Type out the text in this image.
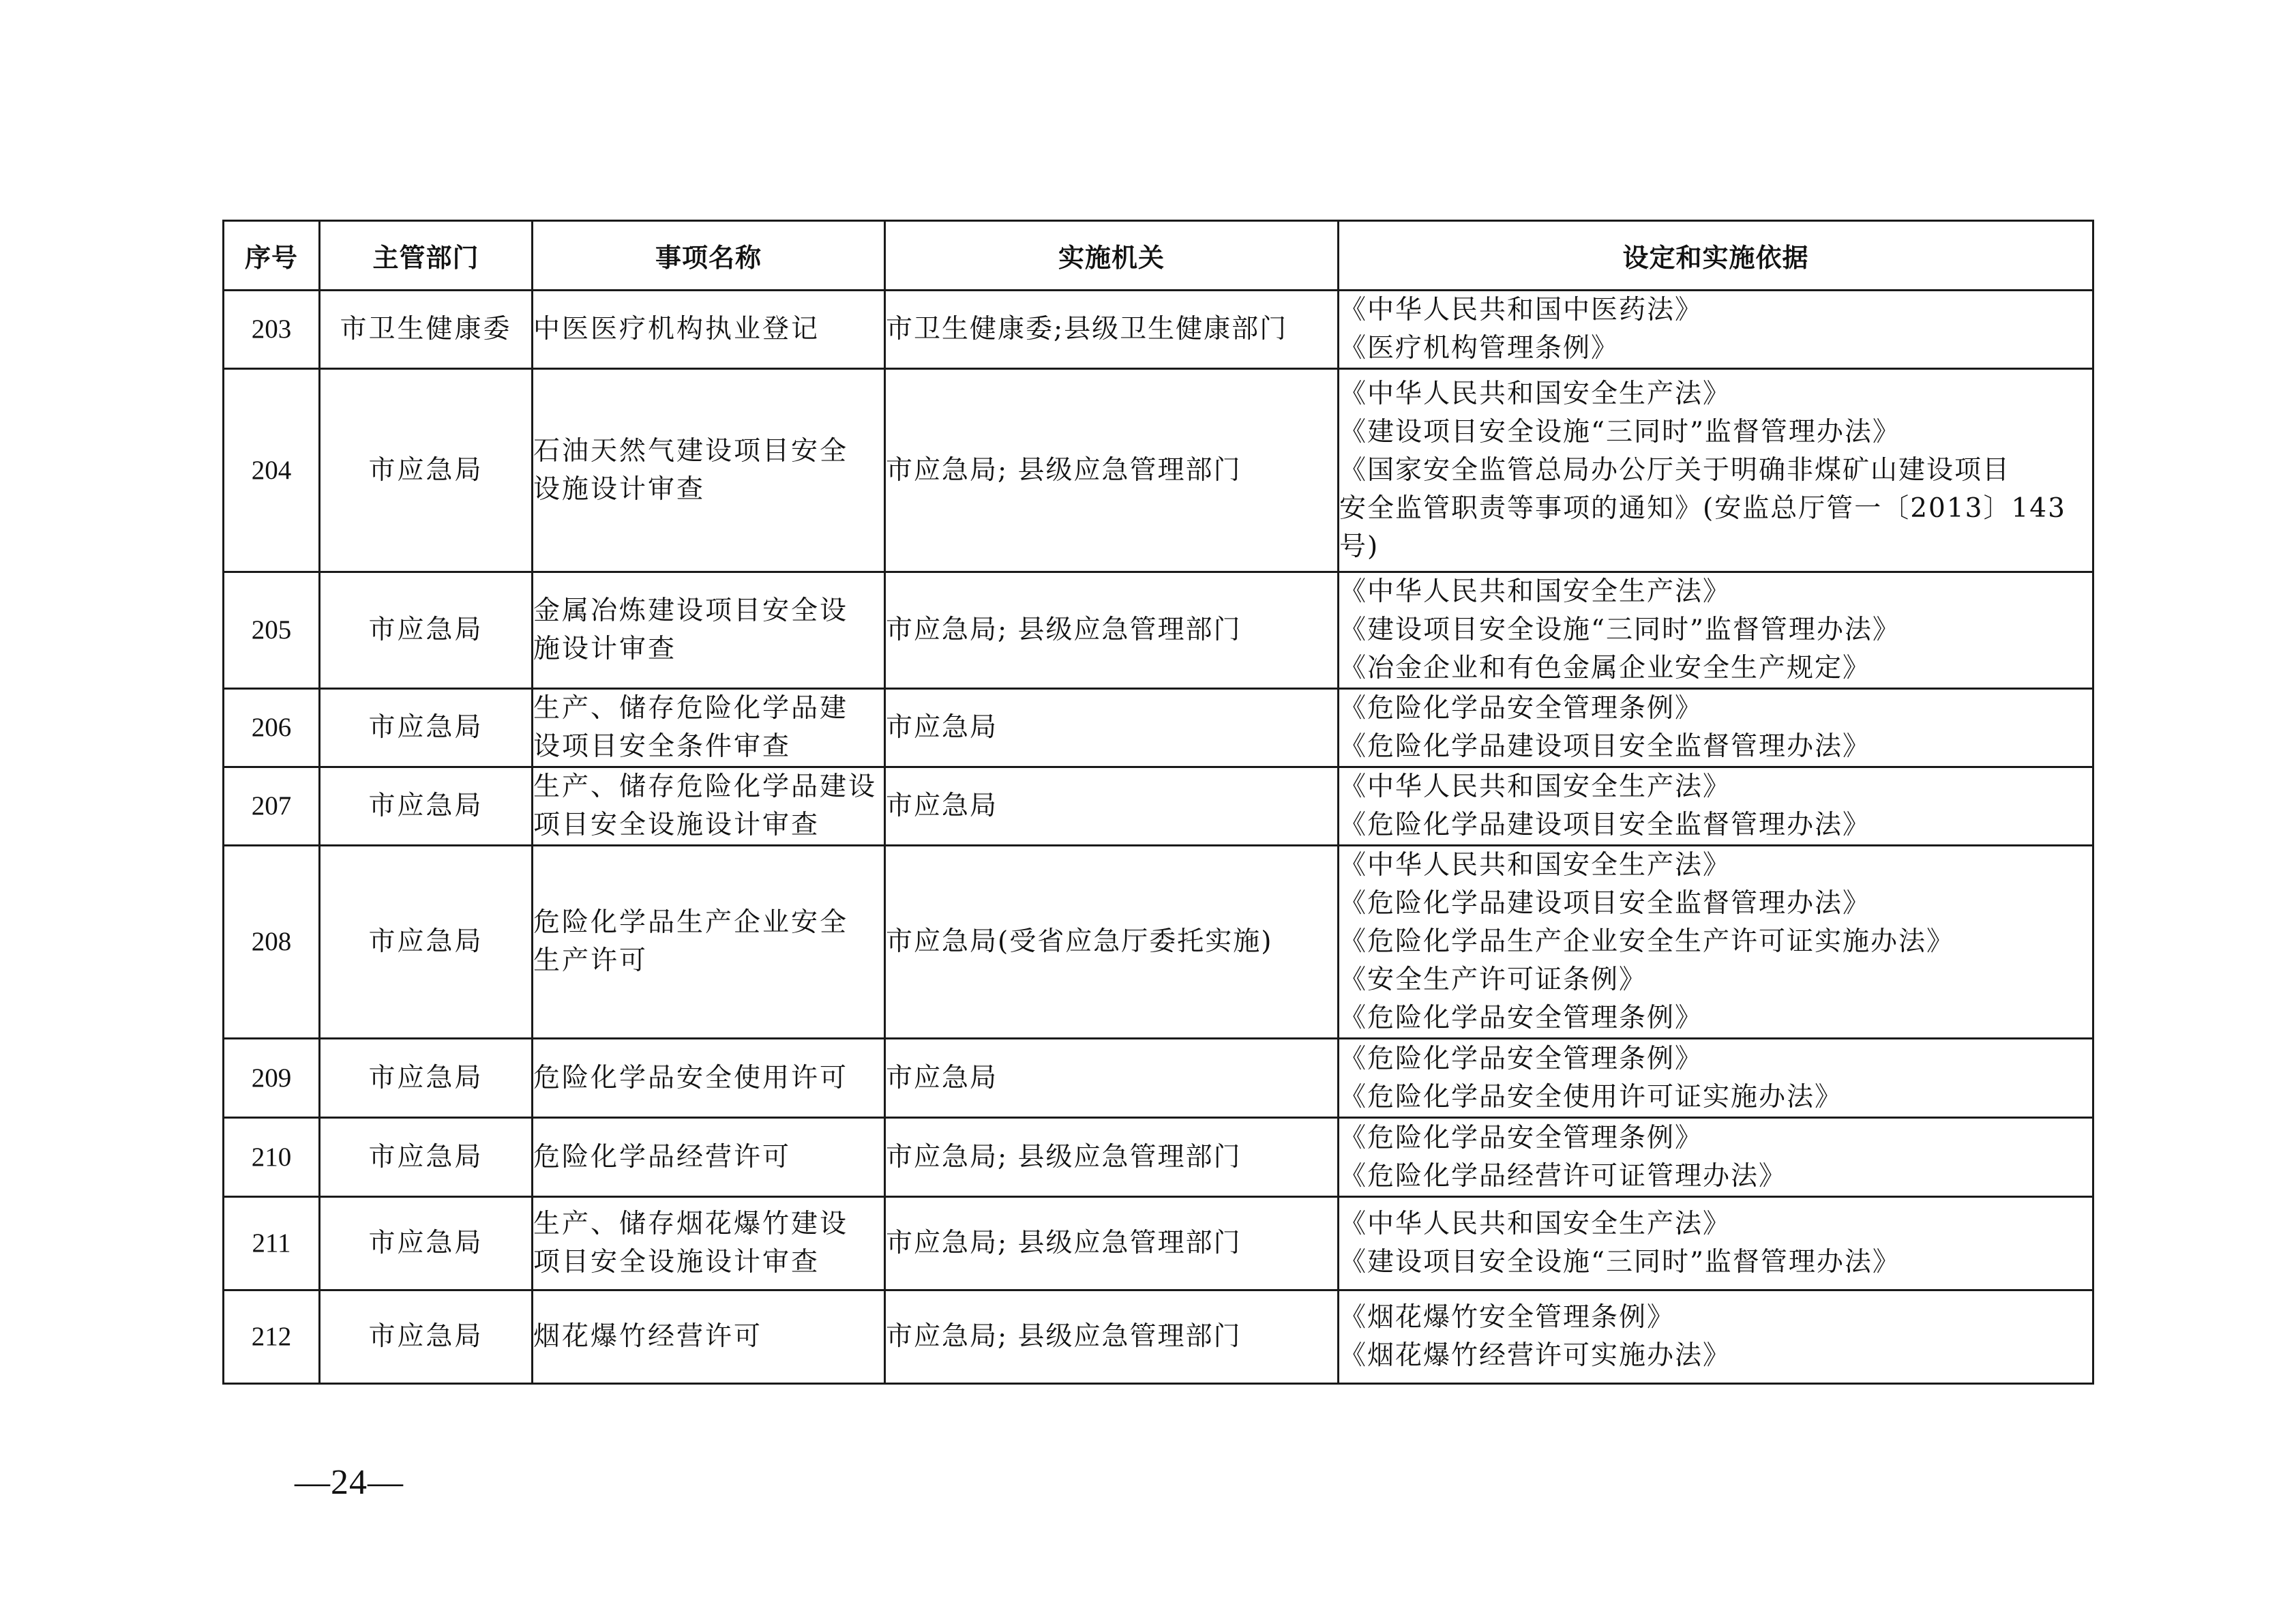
序号	主管部门	事项名称	实施机关	设定和实施依据
203	市卫生健康委	中医医疗机构执业登记	市卫生健康委;县级卫生健康部门	《中华人民共和国中医药法》
《医疗机构管理条例》

204	市应急局	石油天然气建设项目安全
设施设计审查	市应急局; 县级应急管理部门	《中华人民共和国安全生产法》
《建设项目安全设施“三同时”监督管理办法》
《国家安全监管总局办公厅关于明确非煤矿山建设项目
安全监管职责等事项的通知》(安监总厅管一〔2013〕143
号)

205	市应急局	金属冶炼建设项目安全设
施设计审查	市应急局; 县级应急管理部门	《中华人民共和国安全生产法》
《建设项目安全设施“三同时”监督管理办法》
《冶金企业和有色金属企业安全生产规定》

206	市应急局	生产、储存危险化学品建
设项目安全条件审查	市应急局	《危险化学品安全管理条例》
《危险化学品建设项目安全监督管理办法》

207	市应急局	生产、储存危险化学品建设
项目安全设施设计审查	市应急局	《中华人民共和国安全生产法》
《危险化学品建设项目安全监督管理办法》

208	市应急局	危险化学品生产企业安全
生产许可	市应急局(受省应急厅委托实施)	《中华人民共和国安全生产法》
《危险化学品建设项目安全监督管理办法》
《危险化学品生产企业安全生产许可证实施办法》
《安全生产许可证条例》
《危险化学品安全管理条例》

209	市应急局	危险化学品安全使用许可	市应急局	《危险化学品安全管理条例》
《危险化学品安全使用许可证实施办法》

210	市应急局	危险化学品经营许可	市应急局; 县级应急管理部门	《危险化学品安全管理条例》
《危险化学品经营许可证管理办法》

211	市应急局	生产、储存烟花爆竹建设
项目安全设施设计审查	市应急局; 县级应急管理部门	《中华人民共和国安全生产法》
《建设项目安全设施“三同时”监督管理办法》

212	市应急局	烟花爆竹经营许可	市应急局; 县级应急管理部门	《烟花爆竹安全管理条例》
《烟花爆竹经营许可实施办法》
—24—
